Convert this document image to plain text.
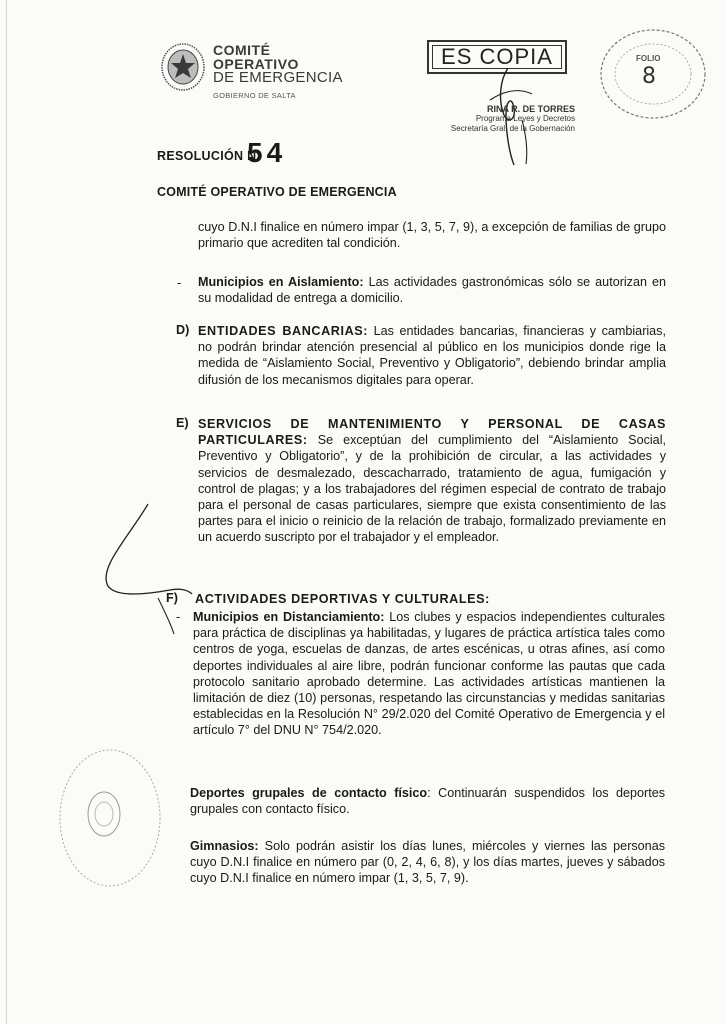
COMITÉ
OPERATIVO
DE EMERGENCIA
GOBIERNO DE SALTA
ES COPIA
RINA R. DE TORRES
Programa Leyes y Decretos
Secretaría Gral. de la Gobernación
FOLIO
8
RESOLUCIÓN N°
54
COMITÉ OPERATIVO DE EMERGENCIA
cuyo D.N.I finalice en número impar (1, 3, 5, 7, 9), a excepción de familias de grupo primario que acrediten tal condición.
- Municipios en Aislamiento: Las actividades gastronómicas sólo se autorizan en su modalidad de entrega a domicilio.
D) ENTIDADES BANCARIAS: Las entidades bancarias, financieras y cambiarias, no podrán brindar atención presencial al público en los municipios donde rige la medida de “Aislamiento Social, Preventivo y Obligatorio”, debiendo brindar amplia difusión de los mecanismos digitales para operar.
E) SERVICIOS DE MANTENIMIENTO Y PERSONAL DE CASAS PARTICULARES: Se exceptúan del cumplimiento del “Aislamiento Social, Preventivo y Obligatorio”, y de la prohibición de circular, a las actividades y servicios de desmalezado, descacharrado, tratamiento de agua, fumigación y control de plagas; y a los trabajadores del régimen especial de contrato de trabajo para el personal de casas particulares, siempre que exista consentimiento de las partes para el inicio o reinicio de la relación de trabajo, formalizado previamente en un acuerdo suscripto por el trabajador y el empleador.
F) ACTIVIDADES DEPORTIVAS Y CULTURALES:
- Municipios en Distanciamiento: Los clubes y espacios independientes culturales para práctica de disciplinas ya habilitadas, y lugares de práctica artística tales como centros de yoga, escuelas de danzas, de artes escénicas, u otras afines, así como deportes individuales al aire libre, podrán funcionar conforme las pautas que cada protocolo sanitario aprobado determine. Las actividades artísticas mantienen la limitación de diez (10) personas, respetando las circunstancias y medidas sanitarias establecidas en la Resolución N° 29/2.020 del Comité Operativo de Emergencia y el artículo 7° del DNU N° 754/2.020.
Deportes grupales de contacto físico: Continuarán suspendidos los deportes grupales con contacto físico.
Gimnasios: Solo podrán asistir los días lunes, miércoles y viernes las personas cuyo D.N.I finalice en número par (0, 2, 4, 6, 8), y los días martes, jueves y sábados cuyo D.N.I finalice en número impar (1, 3, 5, 7, 9).
